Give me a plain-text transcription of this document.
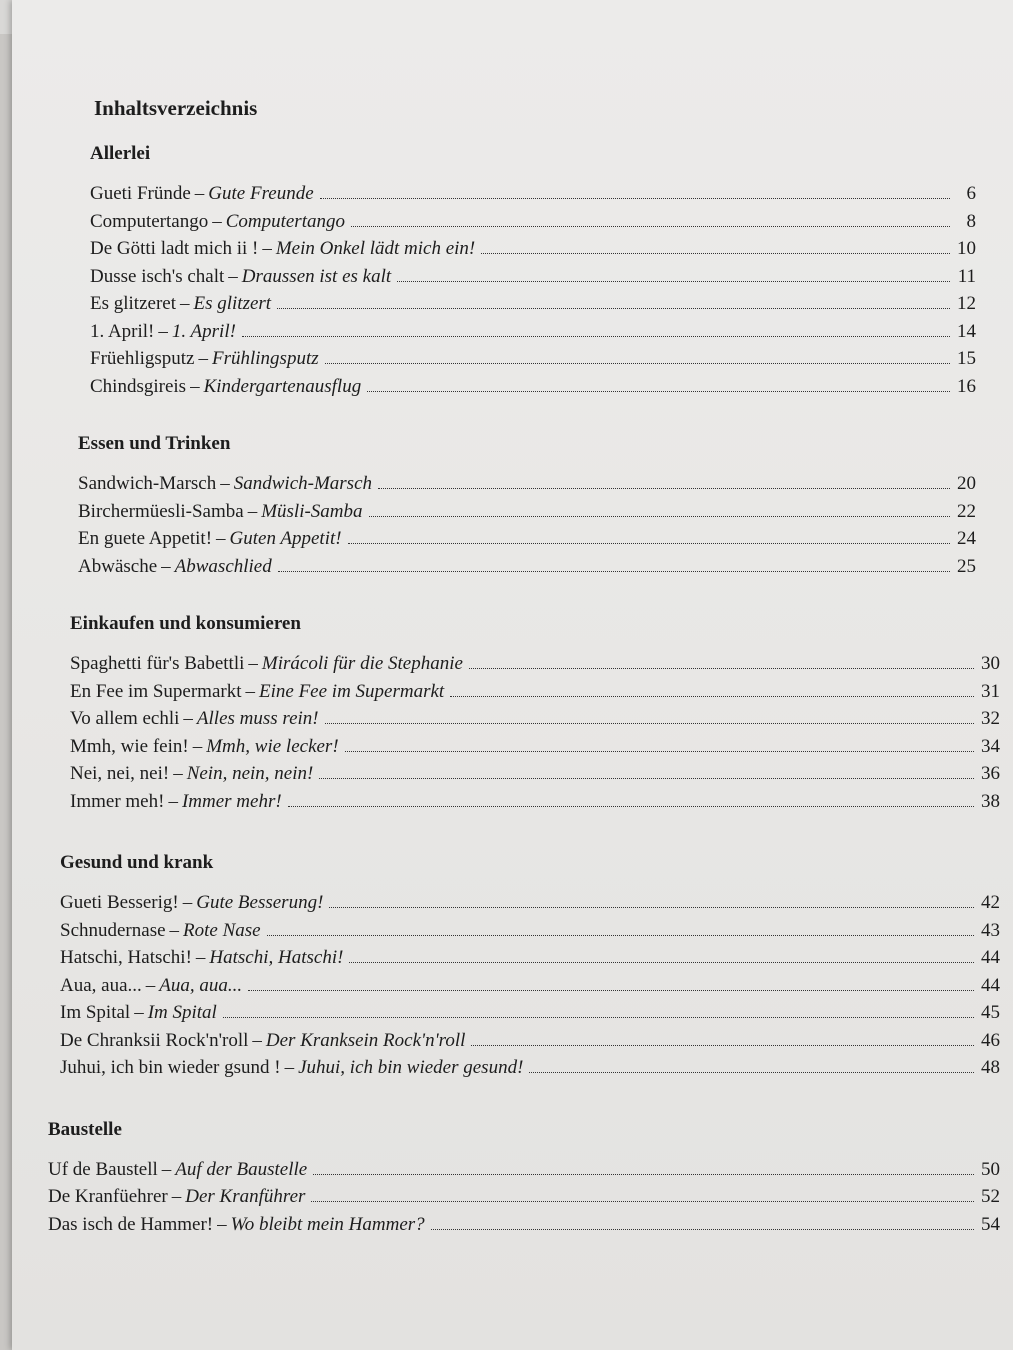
Inhaltsverzeichnis
Allerlei
Gueti Fründe – Gute Freunde	6
Computertango – Computertango	8
De Götti ladt mich ii ! – Mein Onkel lädt mich ein!	10
Dusse isch's chalt – Draussen ist es kalt	11
Es glitzeret – Es glitzert	12
1. April! – 1. April!	14
Früehligsputz – Frühlingsputz	15
Chindsgireis – Kindergartenausflug	16
Essen und Trinken
Sandwich-Marsch – Sandwich-Marsch	20
Birchermüesli-Samba – Müsli-Samba	22
En guete Appetit! – Guten Appetit!	24
Abwäsche – Abwaschlied	25
Einkaufen und konsumieren
Spaghetti für's Babettli – Mirácoli für die Stephanie	30
En Fee im Supermarkt – Eine Fee im Supermarkt	31
Vo allem echli – Alles muss rein!	32
Mmh, wie fein! – Mmh, wie lecker!	34
Nei, nei, nei! – Nein, nein, nein!	36
Immer meh! – Immer mehr!	38
Gesund und krank
Gueti Besserig! – Gute Besserung!	42
Schnudernase – Rote Nase	43
Hatschi, Hatschi! – Hatschi, Hatschi!	44
Aua, aua... – Aua, aua...	44
Im Spital – Im Spital	45
De Chranksii Rock'n'roll – Der Kranksein Rock'n'roll	46
Juhui, ich bin wieder gsund ! – Juhui, ich bin wieder gesund!	48
Baustelle
Uf de Baustell – Auf der Baustelle	50
De Kranfüehrer – Der Kranführer	52
Das isch de Hammer! – Wo bleibt mein Hammer?	54
